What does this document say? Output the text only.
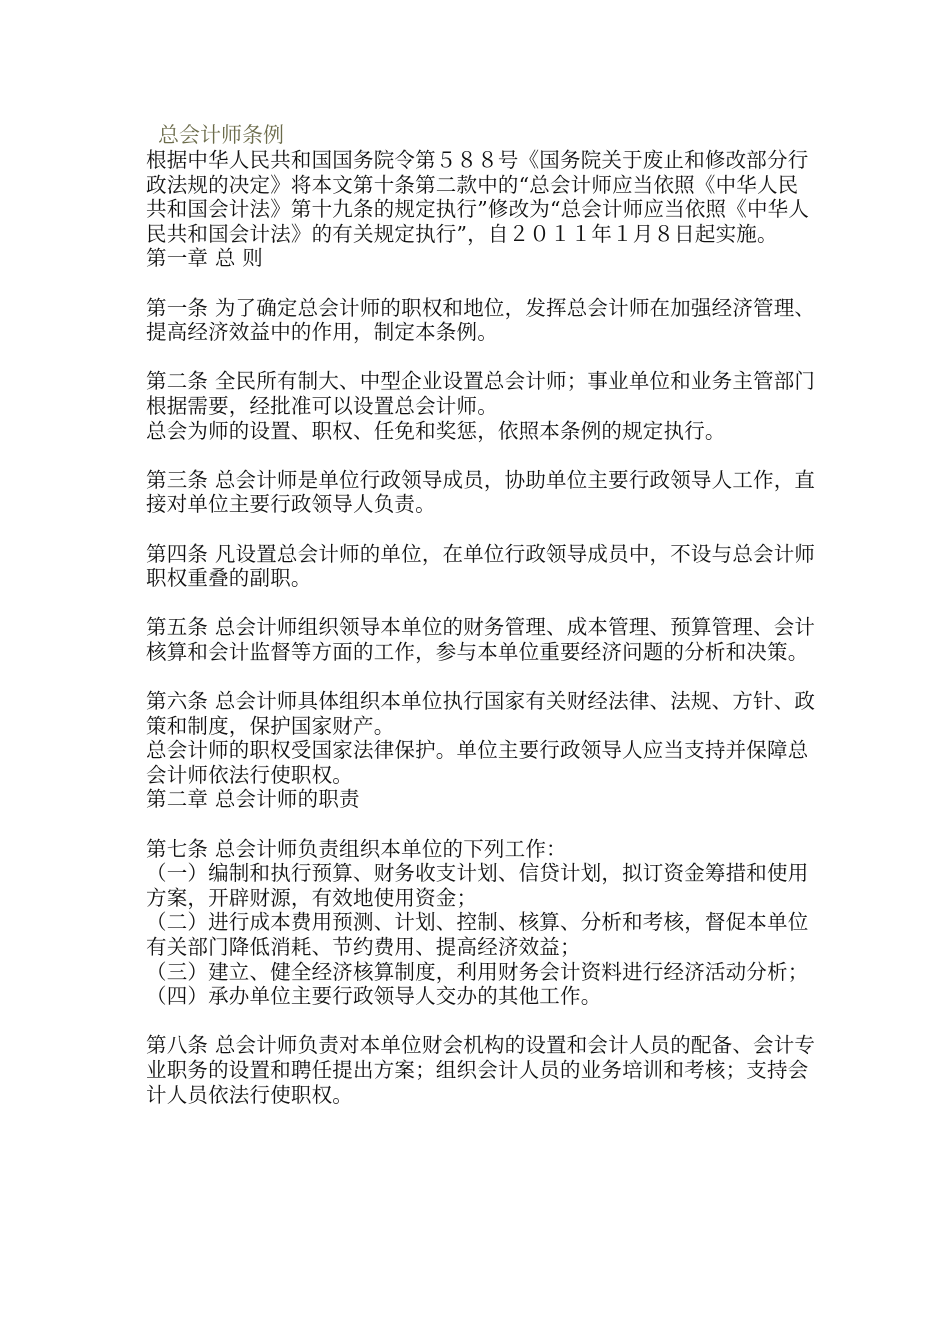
总会计师条例

根据中华人民共和国国务院令第５８８号《国务院关于废止和修改部分行政法规的决定》将本文第十条第二款中的“总会计师应当依照《中华人民共和国会计法》第十九条的规定执行”修改为“总会计师应当依照《中华人民共和国会计法》的有关规定执行”，自２０１１年１月８日起实施。

第一章 总 则

第一条 为了确定总会计师的职权和地位，发挥总会计师在加强经济管理、提高经济效益中的作用，制定本条例。

第二条 全民所有制大、中型企业设置总会计师；事业单位和业务主管部门根据需要，经批准可以设置总会计师。

总会为师的设置、职权、任免和奖惩，依照本条例的规定执行。

第三条 总会计师是单位行政领导成员，协助单位主要行政领导人工作，直接对单位主要行政领导人负责。

第四条 凡设置总会计师的单位，在单位行政领导成员中，不设与总会计师职权重叠的副职。

第五条 总会计师组织领导本单位的财务管理、成本管理、预算管理、会计核算和会计监督等方面的工作，参与本单位重要经济问题的分析和决策。

第六条 总会计师具体组织本单位执行国家有关财经法律、法规、方针、政策和制度，保护国家财产。

总会计师的职权受国家法律保护。单位主要行政领导人应当支持并保障总会计师依法行使职权。

第二章 总会计师的职责

第七条 总会计师负责组织本单位的下列工作：

（一）编制和执行预算、财务收支计划、信贷计划，拟订资金筹措和使用方案，开辟财源，有效地使用资金；

（二）进行成本费用预测、计划、控制、核算、分析和考核，督促本单位有关部门降低消耗、节约费用、提高经济效益；

（三）建立、健全经济核算制度，利用财务会计资料进行经济活动分析；

（四）承办单位主要行政领导人交办的其他工作。

第八条 总会计师负责对本单位财会机构的设置和会计人员的配备、会计专业职务的设置和聘任提出方案；组织会计人员的业务培训和考核；支持会计人员依法行使职权。
